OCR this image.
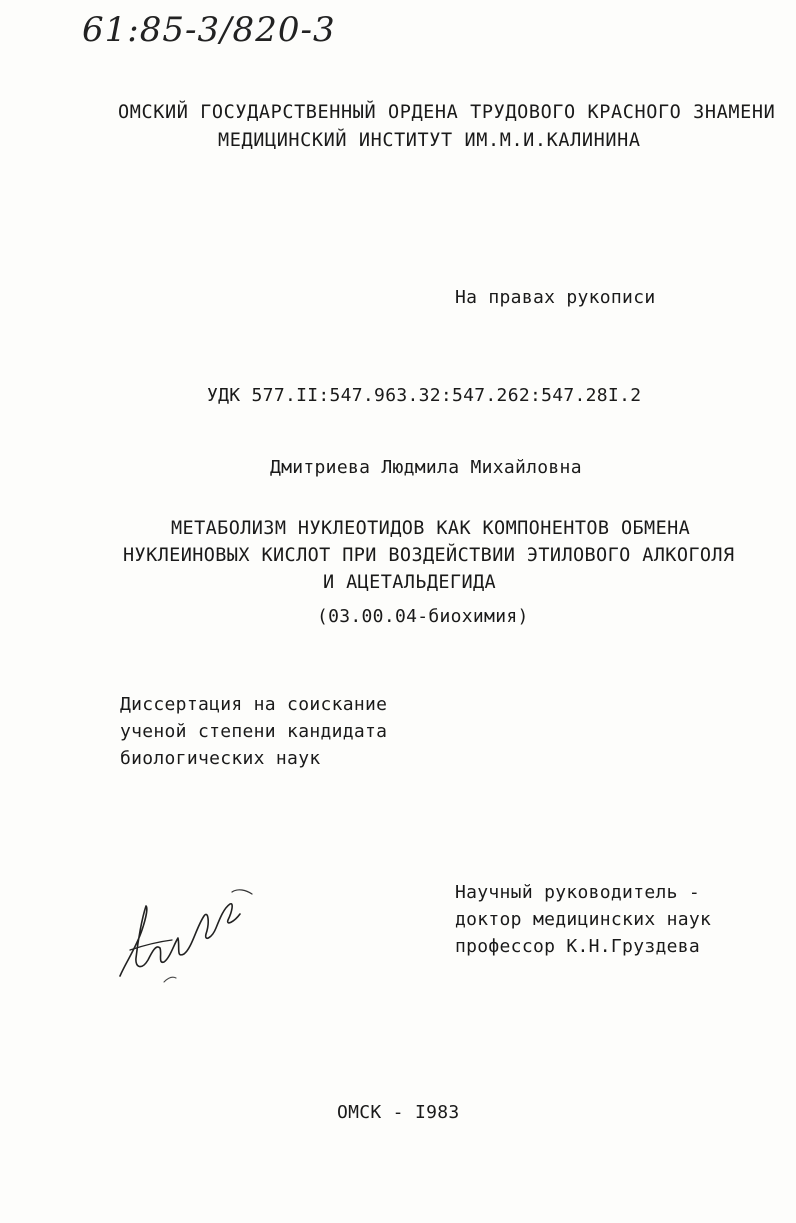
61:85-3/820-3
ОМСКИЙ ГОСУДАРСТВЕННЫЙ ОРДЕНА ТРУДОВОГО КРАСНОГО ЗНАМЕНИ
МЕДИЦИНСКИЙ ИНСТИТУТ ИМ.М.И.КАЛИНИНА
На правах рукописи
УДК 577.II:547.963.32:547.262:547.28I.2
Дмитриева Людмила Михайловна
МЕТАБОЛИЗМ НУКЛЕОТИДОВ КАК КОМПОНЕНТОВ ОБМЕНА
НУКЛЕИНОВЫХ КИСЛОТ ПРИ ВОЗДЕЙСТВИИ ЭТИЛОВОГО АЛКОГОЛЯ
И АЦЕТАЛЬДЕГИДА
(03.00.04-биохимия)
Диссертация на соискание
ученой степени кандидата
биологических наук
Научный руководитель -
доктор медицинских наук
профессор К.Н.Груздева
ОМСК - I983
